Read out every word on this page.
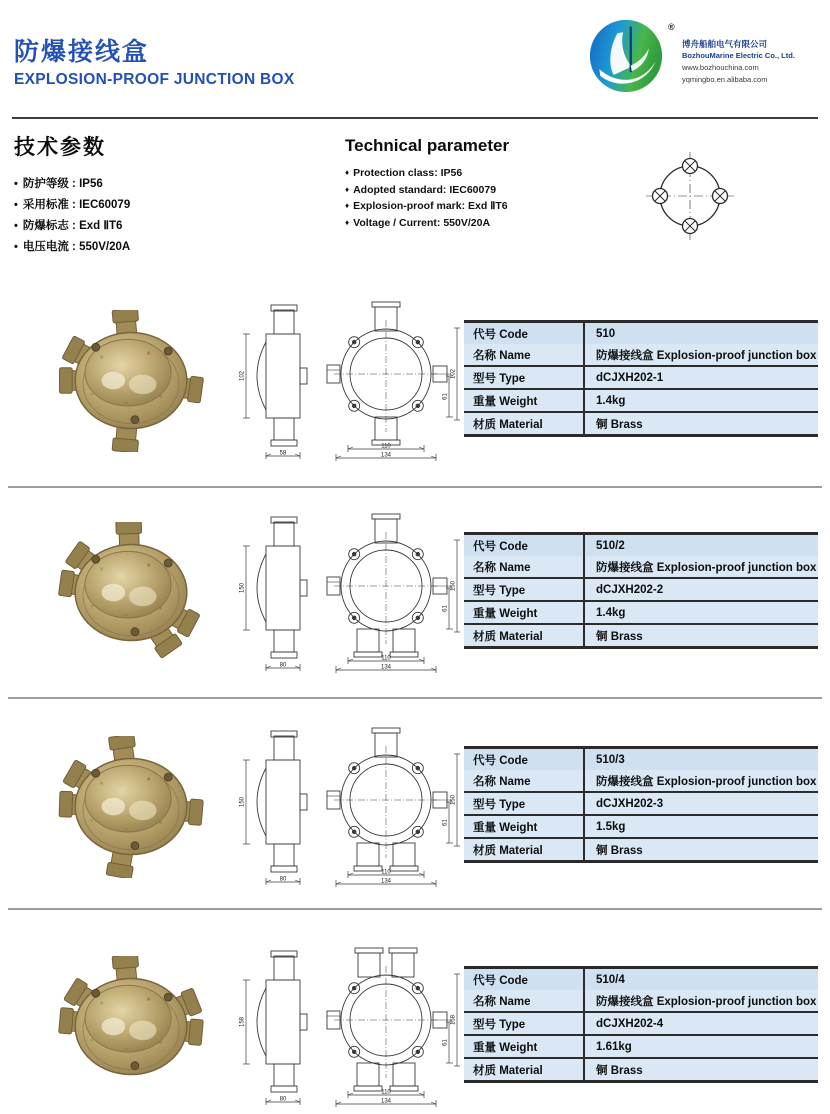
防爆接线盒
EXPLOSION-PROOF JUNCTION BOX
®
博舟船舶电气有限公司
BozhouMarine Electric Co., Ltd.
www.bozhouchina.com
yqmingbo.en.alibaba.com
技术参数
• 防护等级 : IP56
• 采用标准 : IEC60079
• 防爆标志 : Exd ⅡT6
• 电压电流 : 550V/20A
Technical parameter
♦ Protection class: IP56
♦ Adopted standard: IEC60079
♦ Explosion-proof mark: Exd ⅡT6
♦ Voltage / Current: 550V/20A
102
58
61
102
110
134
代号 Code	510
名称 Name	防爆接线盒 Explosion-proof junction box
型号 Type	dCJXH202-1
重量 Weight	1.4kg
材质 Material	铜 Brass
150
80
61
150
110
134
代号 Code	510/2
名称 Name	防爆接线盒 Explosion-proof junction box
型号 Type	dCJXH202-2
重量 Weight	1.4kg
材质 Material	铜 Brass
150
80
61
150
110
134
代号 Code	510/3
名称 Name	防爆接线盒 Explosion-proof junction box
型号 Type	dCJXH202-3
重量 Weight	1.5kg
材质 Material	铜 Brass
158
80
61
158
110
134
代号 Code	510/4
名称 Name	防爆接线盒 Explosion-proof junction box
型号 Type	dCJXH202-4
重量 Weight	1.61kg
材质 Material	铜 Brass
